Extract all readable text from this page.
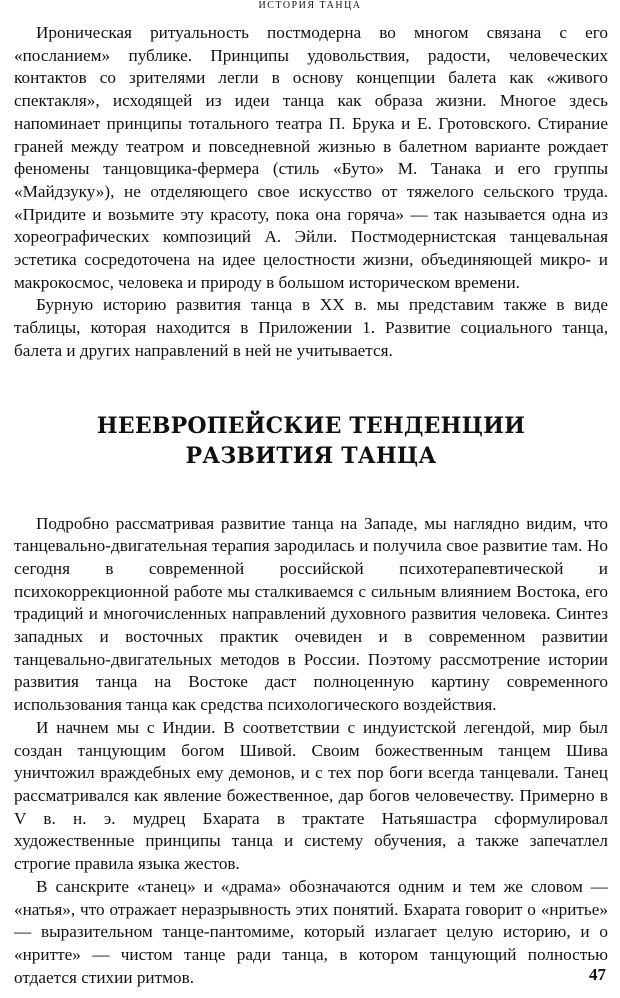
ИСТОРИЯ ТАНЦА

Ироническая ритуальность постмодерна во многом связана с его «посланием» публике. Принципы удовольствия, радости, человеческих контактов со зрителями легли в основу концепции балета как «живого спектакля», исходящей из идеи танца как образа жизни. Многое здесь напоминает принципы тотального театра П. Брука и Е. Гротовского. Стирание граней между театром и повседневной жизнью в балетном варианте рождает феномены танцовщика-фермера (стиль «Буто» М. Танака и его группы «Майдзуку»), не отделяющего свое искусство от тяжелого сельского труда. «Придите и возьмите эту красоту, пока она горяча» — так называется одна из хореографических композиций А. Эйли. Постмодернистская танцевальная эстетика сосредоточена на идее целостности жизни, объединяющей микро- и макрокосмос, человека и природу в большом историческом времени.

Бурную историю развития танца в XX в. мы представим также в виде таблицы, которая находится в Приложении 1. Развитие социального танца, балета и других направлений в ней не учитывается.

НЕЕВРОПЕЙСКИЕ ТЕНДЕНЦИИ
РАЗВИТИЯ ТАНЦА

Подробно рассматривая развитие танца на Западе, мы наглядно видим, что танцевально-двигательная терапия зародилась и получила свое развитие там. Но сегодня в современной российской психотерапевтической и психокоррекционной работе мы сталкиваемся с сильным влиянием Востока, его традиций и многочисленных направлений духовного развития человека. Синтез западных и восточных практик очевиден и в современном развитии танцевально-двигательных методов в России. Поэтому рассмотрение истории развития танца на Востоке даст полноценную картину современного использования танца как средства психологического воздействия.

И начнем мы с Индии. В соответствии с индуистской легендой, мир был создан танцующим богом Шивой. Своим божественным танцем Шива уничтожил враждебных ему демонов, и с тех пор боги всегда танцевали. Танец рассматривался как явление божественное, дар богов человечеству. Примерно в V в. н. э. мудрец Бхарата в трактате Натьяшастра сформулировал художественные принципы танца и систему обучения, а также запечатлел строгие правила языка жестов.

В санскрите «танец» и «драма» обозначаются одним и тем же словом — «натья», что отражает неразрывность этих понятий. Бхарата говорит о «нритье» — выразительном танце-пантомиме, который излагает целую историю, и о «нритте» — чистом танце ради танца, в котором танцующий полностью отдается стихии ритмов.	47
